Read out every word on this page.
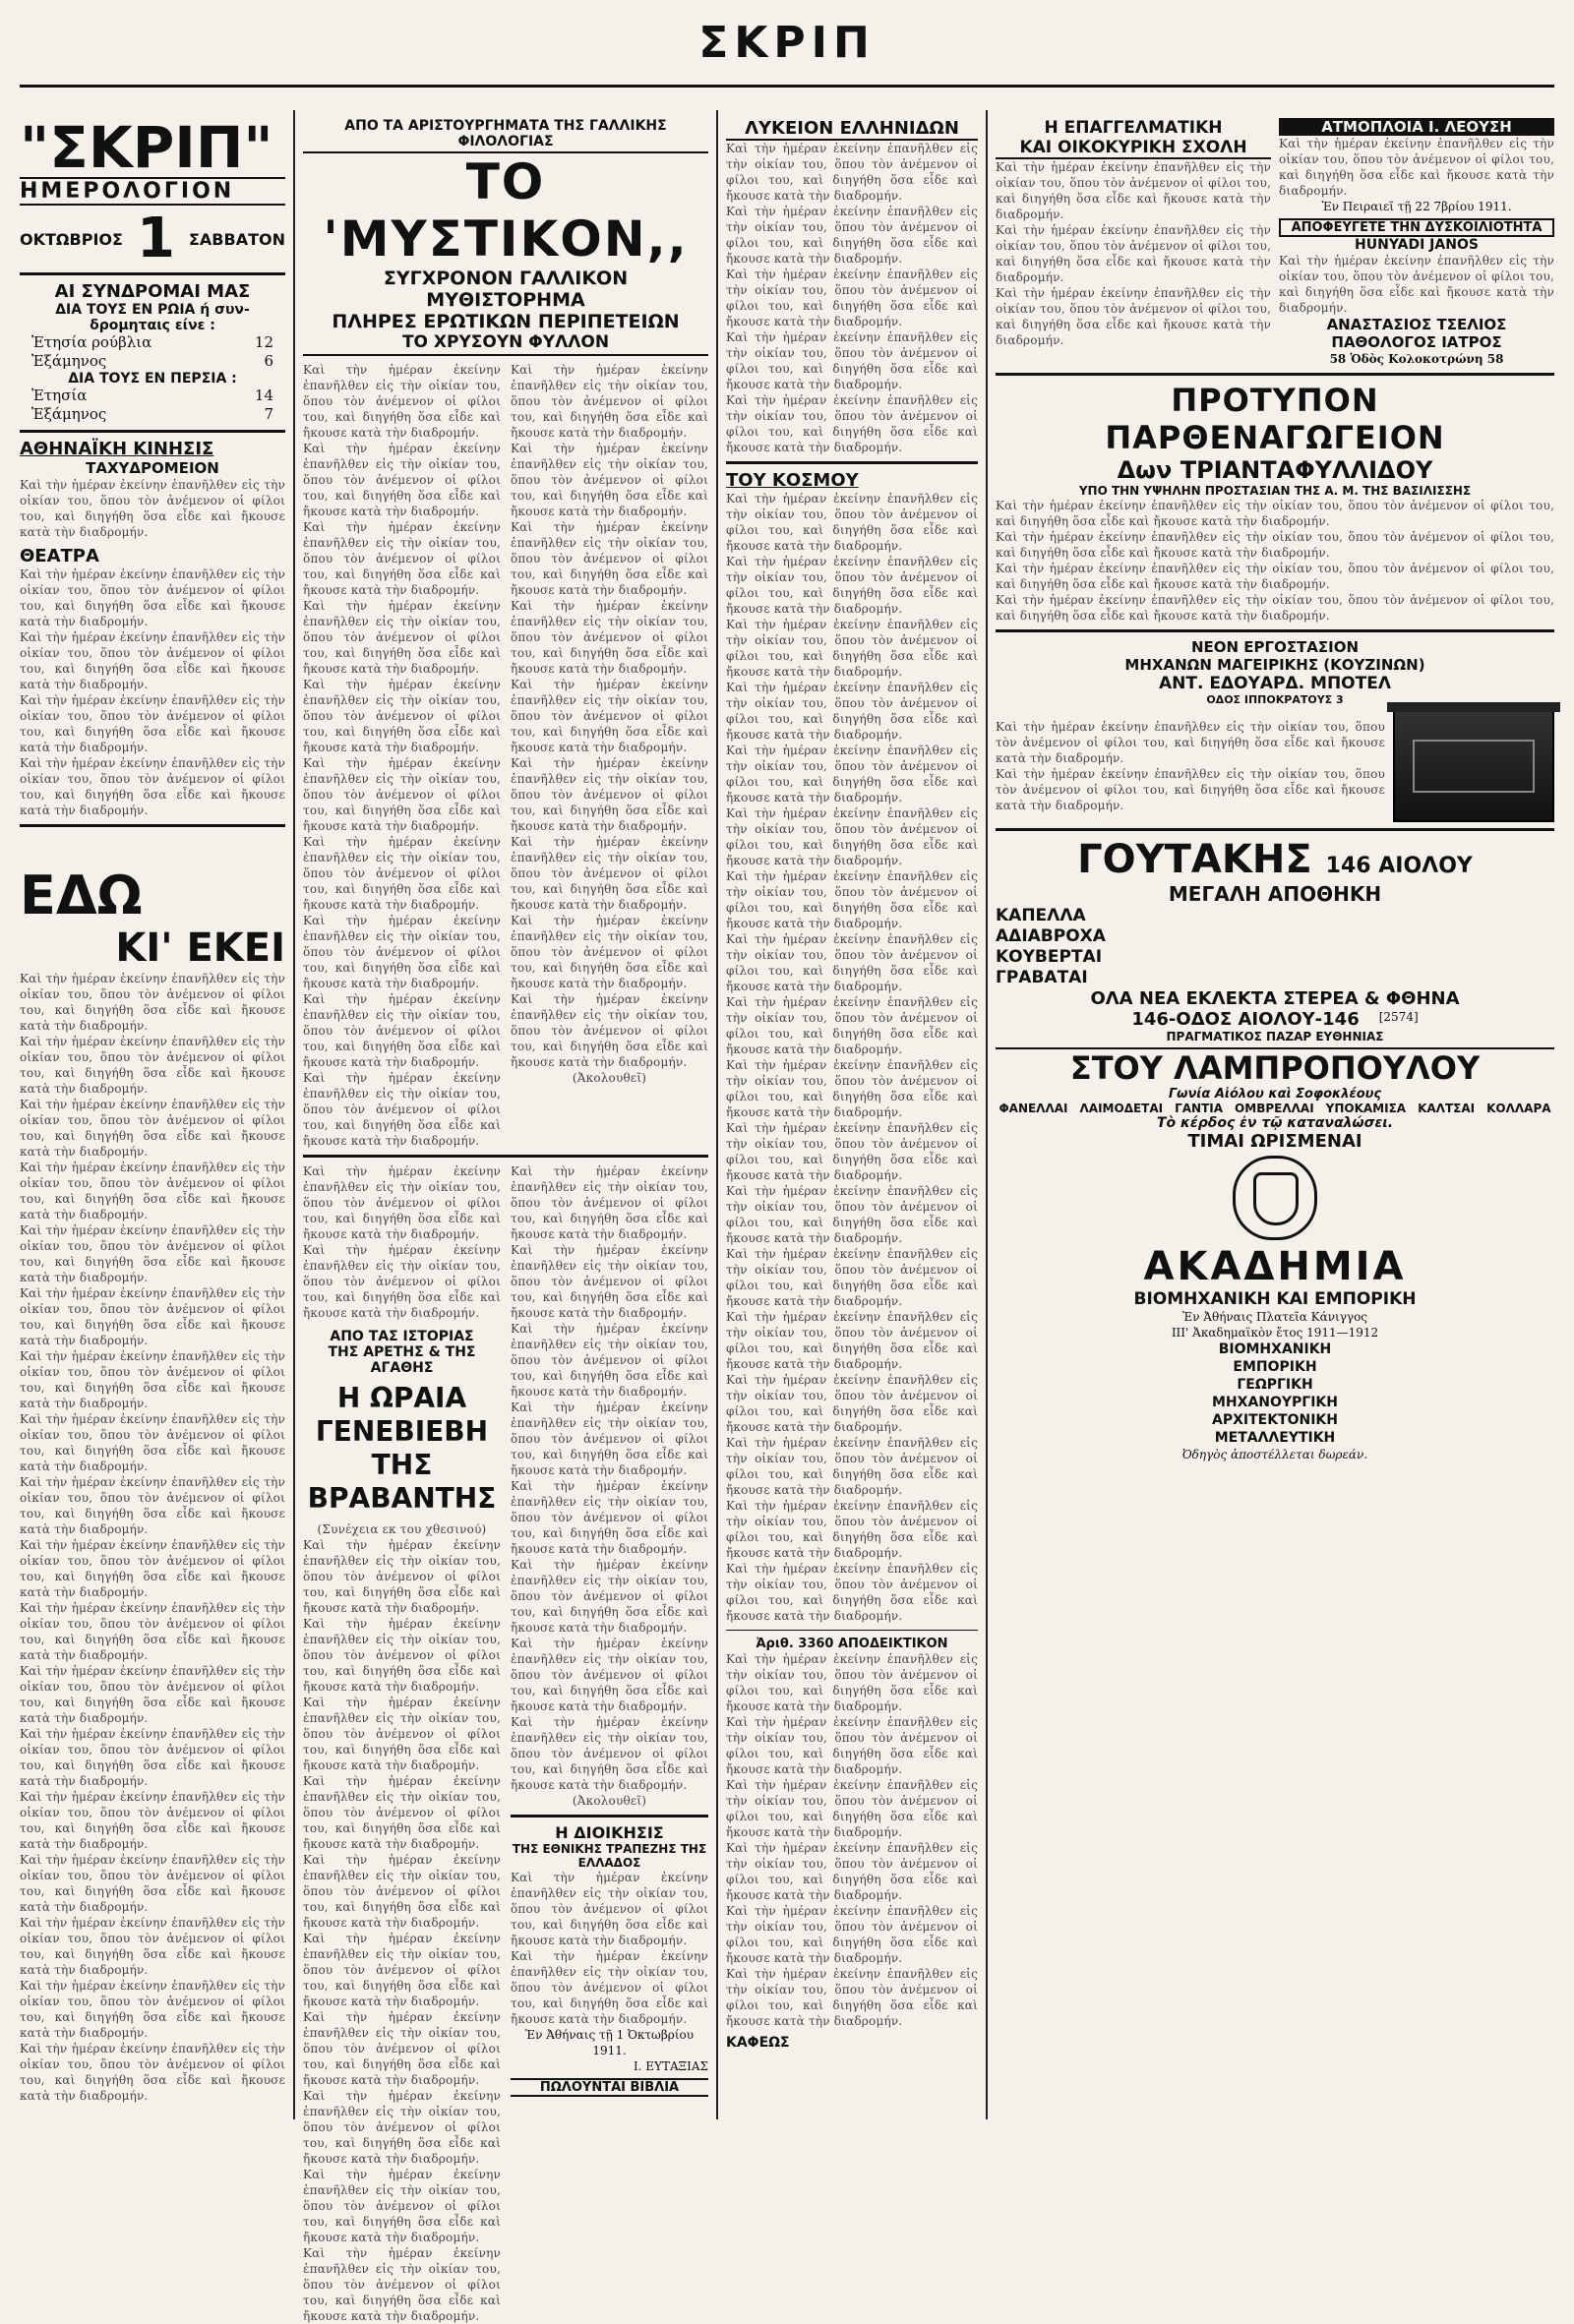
ΣΚΡΙΠ
"ΣΚΡΙΠ"
ΗΜΕΡΟΛΟΓΙΟΝ
ΟΚΤΩΒΡΙΟΣ 1 ΣΑΒΒΑΤΟΝ
ΑΙ ΣΥΝΔΡΟΜΑΙ ΜΑΣ
ΔΙΑ ΤΟΥΣ ΕΝ ΡΩΙΑ ή συν-
δρομηταις είνε :
Ἐτησία ρούβλια	12
Ἑξάμηνος	6
ΔΙΑ ΤΟΥΣ ΕΝ ΠΕΡΣΙΑ :
Ἐτησία	14
Ἑξάμηνος	7
ΑΘΗΝΑΪΚΗ ΚΙΝΗΣΙΣ
ΤΑΧΥΔΡΟΜΕΙΟΝ
Καὶ τὴν ἡμέραν ἐκείνην ἐπανῆλθεν εἰς τὴν οἰκίαν του, ὅπου τὸν ἀνέμενον οἱ φίλοι του, καὶ διηγήθη ὅσα εἶδε καὶ ἤκουσε κατὰ τὴν διαδρομήν.
ΘΕΑΤΡΑ
Καὶ τὴν ἡμέραν ἐκείνην ἐπανῆλθεν εἰς τὴν οἰκίαν του, ὅπου τὸν ἀνέμενον οἱ φίλοι του, καὶ διηγήθη ὅσα εἶδε καὶ ἤκουσε κατὰ τὴν διαδρομήν.
Καὶ τὴν ἡμέραν ἐκείνην ἐπανῆλθεν εἰς τὴν οἰκίαν του, ὅπου τὸν ἀνέμενον οἱ φίλοι του, καὶ διηγήθη ὅσα εἶδε καὶ ἤκουσε κατὰ τὴν διαδρομήν.
Καὶ τὴν ἡμέραν ἐκείνην ἐπανῆλθεν εἰς τὴν οἰκίαν του, ὅπου τὸν ἀνέμενον οἱ φίλοι του, καὶ διηγήθη ὅσα εἶδε καὶ ἤκουσε κατὰ τὴν διαδρομήν.
Καὶ τὴν ἡμέραν ἐκείνην ἐπανῆλθεν εἰς τὴν οἰκίαν του, ὅπου τὸν ἀνέμενον οἱ φίλοι του, καὶ διηγήθη ὅσα εἶδε καὶ ἤκουσε κατὰ τὴν διαδρομήν.
ΕΔΩ
ΚΙ' ΕΚΕΙ
Καὶ τὴν ἡμέραν ἐκείνην ἐπανῆλθεν εἰς τὴν οἰκίαν του, ὅπου τὸν ἀνέμενον οἱ φίλοι του, καὶ διηγήθη ὅσα εἶδε καὶ ἤκουσε κατὰ τὴν διαδρομήν.
Καὶ τὴν ἡμέραν ἐκείνην ἐπανῆλθεν εἰς τὴν οἰκίαν του, ὅπου τὸν ἀνέμενον οἱ φίλοι του, καὶ διηγήθη ὅσα εἶδε καὶ ἤκουσε κατὰ τὴν διαδρομήν.
Καὶ τὴν ἡμέραν ἐκείνην ἐπανῆλθεν εἰς τὴν οἰκίαν του, ὅπου τὸν ἀνέμενον οἱ φίλοι του, καὶ διηγήθη ὅσα εἶδε καὶ ἤκουσε κατὰ τὴν διαδρομήν.
Καὶ τὴν ἡμέραν ἐκείνην ἐπανῆλθεν εἰς τὴν οἰκίαν του, ὅπου τὸν ἀνέμενον οἱ φίλοι του, καὶ διηγήθη ὅσα εἶδε καὶ ἤκουσε κατὰ τὴν διαδρομήν.
Καὶ τὴν ἡμέραν ἐκείνην ἐπανῆλθεν εἰς τὴν οἰκίαν του, ὅπου τὸν ἀνέμενον οἱ φίλοι του, καὶ διηγήθη ὅσα εἶδε καὶ ἤκουσε κατὰ τὴν διαδρομήν.
Καὶ τὴν ἡμέραν ἐκείνην ἐπανῆλθεν εἰς τὴν οἰκίαν του, ὅπου τὸν ἀνέμενον οἱ φίλοι του, καὶ διηγήθη ὅσα εἶδε καὶ ἤκουσε κατὰ τὴν διαδρομήν.
Καὶ τὴν ἡμέραν ἐκείνην ἐπανῆλθεν εἰς τὴν οἰκίαν του, ὅπου τὸν ἀνέμενον οἱ φίλοι του, καὶ διηγήθη ὅσα εἶδε καὶ ἤκουσε κατὰ τὴν διαδρομήν.
Καὶ τὴν ἡμέραν ἐκείνην ἐπανῆλθεν εἰς τὴν οἰκίαν του, ὅπου τὸν ἀνέμενον οἱ φίλοι του, καὶ διηγήθη ὅσα εἶδε καὶ ἤκουσε κατὰ τὴν διαδρομήν.
Καὶ τὴν ἡμέραν ἐκείνην ἐπανῆλθεν εἰς τὴν οἰκίαν του, ὅπου τὸν ἀνέμενον οἱ φίλοι του, καὶ διηγήθη ὅσα εἶδε καὶ ἤκουσε κατὰ τὴν διαδρομήν.
Καὶ τὴν ἡμέραν ἐκείνην ἐπανῆλθεν εἰς τὴν οἰκίαν του, ὅπου τὸν ἀνέμενον οἱ φίλοι του, καὶ διηγήθη ὅσα εἶδε καὶ ἤκουσε κατὰ τὴν διαδρομήν.
Καὶ τὴν ἡμέραν ἐκείνην ἐπανῆλθεν εἰς τὴν οἰκίαν του, ὅπου τὸν ἀνέμενον οἱ φίλοι του, καὶ διηγήθη ὅσα εἶδε καὶ ἤκουσε κατὰ τὴν διαδρομήν.
Καὶ τὴν ἡμέραν ἐκείνην ἐπανῆλθεν εἰς τὴν οἰκίαν του, ὅπου τὸν ἀνέμενον οἱ φίλοι του, καὶ διηγήθη ὅσα εἶδε καὶ ἤκουσε κατὰ τὴν διαδρομήν.
Καὶ τὴν ἡμέραν ἐκείνην ἐπανῆλθεν εἰς τὴν οἰκίαν του, ὅπου τὸν ἀνέμενον οἱ φίλοι του, καὶ διηγήθη ὅσα εἶδε καὶ ἤκουσε κατὰ τὴν διαδρομήν.
Καὶ τὴν ἡμέραν ἐκείνην ἐπανῆλθεν εἰς τὴν οἰκίαν του, ὅπου τὸν ἀνέμενον οἱ φίλοι του, καὶ διηγήθη ὅσα εἶδε καὶ ἤκουσε κατὰ τὴν διαδρομήν.
Καὶ τὴν ἡμέραν ἐκείνην ἐπανῆλθεν εἰς τὴν οἰκίαν του, ὅπου τὸν ἀνέμενον οἱ φίλοι του, καὶ διηγήθη ὅσα εἶδε καὶ ἤκουσε κατὰ τὴν διαδρομήν.
Καὶ τὴν ἡμέραν ἐκείνην ἐπανῆλθεν εἰς τὴν οἰκίαν του, ὅπου τὸν ἀνέμενον οἱ φίλοι του, καὶ διηγήθη ὅσα εἶδε καὶ ἤκουσε κατὰ τὴν διαδρομήν.
Καὶ τὴν ἡμέραν ἐκείνην ἐπανῆλθεν εἰς τὴν οἰκίαν του, ὅπου τὸν ἀνέμενον οἱ φίλοι του, καὶ διηγήθη ὅσα εἶδε καὶ ἤκουσε κατὰ τὴν διαδρομήν.
Καὶ τὴν ἡμέραν ἐκείνην ἐπανῆλθεν εἰς τὴν οἰκίαν του, ὅπου τὸν ἀνέμενον οἱ φίλοι του, καὶ διηγήθη ὅσα εἶδε καὶ ἤκουσε κατὰ τὴν διαδρομήν.
ΑΠΟ ΤΑ ΑΡΙΣΤΟΥΡΓΗΜΑΤΑ ΤΗΣ ΓΑΛΛΙΚΗΣ ΦΙΛΟΛΟΓΙΑΣ
ΤΟ 'ΜΥΣΤΙΚΟΝ,,
ΣΥΓΧΡΟΝΟΝ ΓΑΛΛΙΚΟΝ ΜΥΘΙΣΤΟΡΗΜΑ
ΠΛΗΡΕΣ ΕΡΩΤΙΚΩΝ ΠΕΡΙΠΕΤΕΙΩΝ
ΤΟ ΧΡΥΣΟΥΝ ΦΥΛΛΟΝ
Καὶ τὴν ἡμέραν ἐκείνην ἐπανῆλθεν εἰς τὴν οἰκίαν του, ὅπου τὸν ἀνέμενον οἱ φίλοι του, καὶ διηγήθη ὅσα εἶδε καὶ ἤκουσε κατὰ τὴν διαδρομήν.
Καὶ τὴν ἡμέραν ἐκείνην ἐπανῆλθεν εἰς τὴν οἰκίαν του, ὅπου τὸν ἀνέμενον οἱ φίλοι του, καὶ διηγήθη ὅσα εἶδε καὶ ἤκουσε κατὰ τὴν διαδρομήν.
Καὶ τὴν ἡμέραν ἐκείνην ἐπανῆλθεν εἰς τὴν οἰκίαν του, ὅπου τὸν ἀνέμενον οἱ φίλοι του, καὶ διηγήθη ὅσα εἶδε καὶ ἤκουσε κατὰ τὴν διαδρομήν.
Καὶ τὴν ἡμέραν ἐκείνην ἐπανῆλθεν εἰς τὴν οἰκίαν του, ὅπου τὸν ἀνέμενον οἱ φίλοι του, καὶ διηγήθη ὅσα εἶδε καὶ ἤκουσε κατὰ τὴν διαδρομήν.
Καὶ τὴν ἡμέραν ἐκείνην ἐπανῆλθεν εἰς τὴν οἰκίαν του, ὅπου τὸν ἀνέμενον οἱ φίλοι του, καὶ διηγήθη ὅσα εἶδε καὶ ἤκουσε κατὰ τὴν διαδρομήν.
Καὶ τὴν ἡμέραν ἐκείνην ἐπανῆλθεν εἰς τὴν οἰκίαν του, ὅπου τὸν ἀνέμενον οἱ φίλοι του, καὶ διηγήθη ὅσα εἶδε καὶ ἤκουσε κατὰ τὴν διαδρομήν.
Καὶ τὴν ἡμέραν ἐκείνην ἐπανῆλθεν εἰς τὴν οἰκίαν του, ὅπου τὸν ἀνέμενον οἱ φίλοι του, καὶ διηγήθη ὅσα εἶδε καὶ ἤκουσε κατὰ τὴν διαδρομήν.
Καὶ τὴν ἡμέραν ἐκείνην ἐπανῆλθεν εἰς τὴν οἰκίαν του, ὅπου τὸν ἀνέμενον οἱ φίλοι του, καὶ διηγήθη ὅσα εἶδε καὶ ἤκουσε κατὰ τὴν διαδρομήν.
Καὶ τὴν ἡμέραν ἐκείνην ἐπανῆλθεν εἰς τὴν οἰκίαν του, ὅπου τὸν ἀνέμενον οἱ φίλοι του, καὶ διηγήθη ὅσα εἶδε καὶ ἤκουσε κατὰ τὴν διαδρομήν.
Καὶ τὴν ἡμέραν ἐκείνην ἐπανῆλθεν εἰς τὴν οἰκίαν του, ὅπου τὸν ἀνέμενον οἱ φίλοι του, καὶ διηγήθη ὅσα εἶδε καὶ ἤκουσε κατὰ τὴν διαδρομήν.
Καὶ τὴν ἡμέραν ἐκείνην ἐπανῆλθεν εἰς τὴν οἰκίαν του, ὅπου τὸν ἀνέμενον οἱ φίλοι του, καὶ διηγήθη ὅσα εἶδε καὶ ἤκουσε κατὰ τὴν διαδρομήν.
Καὶ τὴν ἡμέραν ἐκείνην ἐπανῆλθεν εἰς τὴν οἰκίαν του, ὅπου τὸν ἀνέμενον οἱ φίλοι του, καὶ διηγήθη ὅσα εἶδε καὶ ἤκουσε κατὰ τὴν διαδρομήν.
Καὶ τὴν ἡμέραν ἐκείνην ἐπανῆλθεν εἰς τὴν οἰκίαν του, ὅπου τὸν ἀνέμενον οἱ φίλοι του, καὶ διηγήθη ὅσα εἶδε καὶ ἤκουσε κατὰ τὴν διαδρομήν.
Καὶ τὴν ἡμέραν ἐκείνην ἐπανῆλθεν εἰς τὴν οἰκίαν του, ὅπου τὸν ἀνέμενον οἱ φίλοι του, καὶ διηγήθη ὅσα εἶδε καὶ ἤκουσε κατὰ τὴν διαδρομήν.
Καὶ τὴν ἡμέραν ἐκείνην ἐπανῆλθεν εἰς τὴν οἰκίαν του, ὅπου τὸν ἀνέμενον οἱ φίλοι του, καὶ διηγήθη ὅσα εἶδε καὶ ἤκουσε κατὰ τὴν διαδρομήν.
Καὶ τὴν ἡμέραν ἐκείνην ἐπανῆλθεν εἰς τὴν οἰκίαν του, ὅπου τὸν ἀνέμενον οἱ φίλοι του, καὶ διηγήθη ὅσα εἶδε καὶ ἤκουσε κατὰ τὴν διαδρομήν.
Καὶ τὴν ἡμέραν ἐκείνην ἐπανῆλθεν εἰς τὴν οἰκίαν του, ὅπου τὸν ἀνέμενον οἱ φίλοι του, καὶ διηγήθη ὅσα εἶδε καὶ ἤκουσε κατὰ τὴν διαδρομήν.
Καὶ τὴν ἡμέραν ἐκείνην ἐπανῆλθεν εἰς τὴν οἰκίαν του, ὅπου τὸν ἀνέμενον οἱ φίλοι του, καὶ διηγήθη ὅσα εἶδε καὶ ἤκουσε κατὰ τὴν διαδρομήν.
Καὶ τὴν ἡμέραν ἐκείνην ἐπανῆλθεν εἰς τὴν οἰκίαν του, ὅπου τὸν ἀνέμενον οἱ φίλοι του, καὶ διηγήθη ὅσα εἶδε καὶ ἤκουσε κατὰ τὴν διαδρομήν.
(Ἀκολουθεῖ)
Καὶ τὴν ἡμέραν ἐκείνην ἐπανῆλθεν εἰς τὴν οἰκίαν του, ὅπου τὸν ἀνέμενον οἱ φίλοι του, καὶ διηγήθη ὅσα εἶδε καὶ ἤκουσε κατὰ τὴν διαδρομήν.
Καὶ τὴν ἡμέραν ἐκείνην ἐπανῆλθεν εἰς τὴν οἰκίαν του, ὅπου τὸν ἀνέμενον οἱ φίλοι του, καὶ διηγήθη ὅσα εἶδε καὶ ἤκουσε κατὰ τὴν διαδρομήν.
ΑΠΟ ΤΑΣ ΙΣΤΟΡΙΑΣ
ΤΗΣ ΑΡΕΤΗΣ & ΤΗΣ ΑΓΑΘΗΣ
Η ΩΡΑΙΑ ΓΕΝΕΒΙΕΒΗ ΤΗΣ ΒΡΑΒΑΝΤΗΣ
(Συνέχεια εκ του χθεσινού)
Καὶ τὴν ἡμέραν ἐκείνην ἐπανῆλθεν εἰς τὴν οἰκίαν του, ὅπου τὸν ἀνέμενον οἱ φίλοι του, καὶ διηγήθη ὅσα εἶδε καὶ ἤκουσε κατὰ τὴν διαδρομήν.
Καὶ τὴν ἡμέραν ἐκείνην ἐπανῆλθεν εἰς τὴν οἰκίαν του, ὅπου τὸν ἀνέμενον οἱ φίλοι του, καὶ διηγήθη ὅσα εἶδε καὶ ἤκουσε κατὰ τὴν διαδρομήν.
Καὶ τὴν ἡμέραν ἐκείνην ἐπανῆλθεν εἰς τὴν οἰκίαν του, ὅπου τὸν ἀνέμενον οἱ φίλοι του, καὶ διηγήθη ὅσα εἶδε καὶ ἤκουσε κατὰ τὴν διαδρομήν.
Καὶ τὴν ἡμέραν ἐκείνην ἐπανῆλθεν εἰς τὴν οἰκίαν του, ὅπου τὸν ἀνέμενον οἱ φίλοι του, καὶ διηγήθη ὅσα εἶδε καὶ ἤκουσε κατὰ τὴν διαδρομήν.
Καὶ τὴν ἡμέραν ἐκείνην ἐπανῆλθεν εἰς τὴν οἰκίαν του, ὅπου τὸν ἀνέμενον οἱ φίλοι του, καὶ διηγήθη ὅσα εἶδε καὶ ἤκουσε κατὰ τὴν διαδρομήν.
Καὶ τὴν ἡμέραν ἐκείνην ἐπανῆλθεν εἰς τὴν οἰκίαν του, ὅπου τὸν ἀνέμενον οἱ φίλοι του, καὶ διηγήθη ὅσα εἶδε καὶ ἤκουσε κατὰ τὴν διαδρομήν.
Καὶ τὴν ἡμέραν ἐκείνην ἐπανῆλθεν εἰς τὴν οἰκίαν του, ὅπου τὸν ἀνέμενον οἱ φίλοι του, καὶ διηγήθη ὅσα εἶδε καὶ ἤκουσε κατὰ τὴν διαδρομήν.
Καὶ τὴν ἡμέραν ἐκείνην ἐπανῆλθεν εἰς τὴν οἰκίαν του, ὅπου τὸν ἀνέμενον οἱ φίλοι του, καὶ διηγήθη ὅσα εἶδε καὶ ἤκουσε κατὰ τὴν διαδρομήν.
Καὶ τὴν ἡμέραν ἐκείνην ἐπανῆλθεν εἰς τὴν οἰκίαν του, ὅπου τὸν ἀνέμενον οἱ φίλοι του, καὶ διηγήθη ὅσα εἶδε καὶ ἤκουσε κατὰ τὴν διαδρομήν.
Καὶ τὴν ἡμέραν ἐκείνην ἐπανῆλθεν εἰς τὴν οἰκίαν του, ὅπου τὸν ἀνέμενον οἱ φίλοι του, καὶ διηγήθη ὅσα εἶδε καὶ ἤκουσε κατὰ τὴν διαδρομήν.
Καὶ τὴν ἡμέραν ἐκείνην ἐπανῆλθεν εἰς τὴν οἰκίαν του, ὅπου τὸν ἀνέμενον οἱ φίλοι του, καὶ διηγήθη ὅσα εἶδε καὶ ἤκουσε κατὰ τὴν διαδρομήν.
Καὶ τὴν ἡμέραν ἐκείνην ἐπανῆλθεν εἰς τὴν οἰκίαν του, ὅπου τὸν ἀνέμενον οἱ φίλοι του, καὶ διηγήθη ὅσα εἶδε καὶ ἤκουσε κατὰ τὴν διαδρομήν.
Καὶ τὴν ἡμέραν ἐκείνην ἐπανῆλθεν εἰς τὴν οἰκίαν του, ὅπου τὸν ἀνέμενον οἱ φίλοι του, καὶ διηγήθη ὅσα εἶδε καὶ ἤκουσε κατὰ τὴν διαδρομήν.
Καὶ τὴν ἡμέραν ἐκείνην ἐπανῆλθεν εἰς τὴν οἰκίαν του, ὅπου τὸν ἀνέμενον οἱ φίλοι του, καὶ διηγήθη ὅσα εἶδε καὶ ἤκουσε κατὰ τὴν διαδρομήν.
Καὶ τὴν ἡμέραν ἐκείνην ἐπανῆλθεν εἰς τὴν οἰκίαν του, ὅπου τὸν ἀνέμενον οἱ φίλοι του, καὶ διηγήθη ὅσα εἶδε καὶ ἤκουσε κατὰ τὴν διαδρομήν.
Καὶ τὴν ἡμέραν ἐκείνην ἐπανῆλθεν εἰς τὴν οἰκίαν του, ὅπου τὸν ἀνέμενον οἱ φίλοι του, καὶ διηγήθη ὅσα εἶδε καὶ ἤκουσε κατὰ τὴν διαδρομήν.
Καὶ τὴν ἡμέραν ἐκείνην ἐπανῆλθεν εἰς τὴν οἰκίαν του, ὅπου τὸν ἀνέμενον οἱ φίλοι του, καὶ διηγήθη ὅσα εἶδε καὶ ἤκουσε κατὰ τὴν διαδρομήν.
Καὶ τὴν ἡμέραν ἐκείνην ἐπανῆλθεν εἰς τὴν οἰκίαν του, ὅπου τὸν ἀνέμενον οἱ φίλοι του, καὶ διηγήθη ὅσα εἶδε καὶ ἤκουσε κατὰ τὴν διαδρομήν.
(Ἀκολουθεῖ)
Η ΔΙΟΙΚΗΣΙΣ
ΤΗΣ ΕΘΝΙΚΗΣ ΤΡΑΠΕΖΗΣ ΤΗΣ ΕΛΛΑΔΟΣ
Καὶ τὴν ἡμέραν ἐκείνην ἐπανῆλθεν εἰς τὴν οἰκίαν του, ὅπου τὸν ἀνέμενον οἱ φίλοι του, καὶ διηγήθη ὅσα εἶδε καὶ ἤκουσε κατὰ τὴν διαδρομήν.
Καὶ τὴν ἡμέραν ἐκείνην ἐπανῆλθεν εἰς τὴν οἰκίαν του, ὅπου τὸν ἀνέμενον οἱ φίλοι του, καὶ διηγήθη ὅσα εἶδε καὶ ἤκουσε κατὰ τὴν διαδρομήν.
Ἐν Ἀθήναις τῇ 1 Ὀκτωβρίου 1911.
Ι. ΕΥΤΑΞΙΑΣ
ΠΩΛΟΥΝΤΑΙ ΒΙΒΛΙΑ
ΛΥΚΕΙΟΝ ΕΛΛΗΝΙΔΩΝ
Καὶ τὴν ἡμέραν ἐκείνην ἐπανῆλθεν εἰς τὴν οἰκίαν του, ὅπου τὸν ἀνέμενον οἱ φίλοι του, καὶ διηγήθη ὅσα εἶδε καὶ ἤκουσε κατὰ τὴν διαδρομήν.
Καὶ τὴν ἡμέραν ἐκείνην ἐπανῆλθεν εἰς τὴν οἰκίαν του, ὅπου τὸν ἀνέμενον οἱ φίλοι του, καὶ διηγήθη ὅσα εἶδε καὶ ἤκουσε κατὰ τὴν διαδρομήν.
Καὶ τὴν ἡμέραν ἐκείνην ἐπανῆλθεν εἰς τὴν οἰκίαν του, ὅπου τὸν ἀνέμενον οἱ φίλοι του, καὶ διηγήθη ὅσα εἶδε καὶ ἤκουσε κατὰ τὴν διαδρομήν.
Καὶ τὴν ἡμέραν ἐκείνην ἐπανῆλθεν εἰς τὴν οἰκίαν του, ὅπου τὸν ἀνέμενον οἱ φίλοι του, καὶ διηγήθη ὅσα εἶδε καὶ ἤκουσε κατὰ τὴν διαδρομήν.
Καὶ τὴν ἡμέραν ἐκείνην ἐπανῆλθεν εἰς τὴν οἰκίαν του, ὅπου τὸν ἀνέμενον οἱ φίλοι του, καὶ διηγήθη ὅσα εἶδε καὶ ἤκουσε κατὰ τὴν διαδρομήν.
ΤΟΥ ΚΟΣΜΟΥ
Καὶ τὴν ἡμέραν ἐκείνην ἐπανῆλθεν εἰς τὴν οἰκίαν του, ὅπου τὸν ἀνέμενον οἱ φίλοι του, καὶ διηγήθη ὅσα εἶδε καὶ ἤκουσε κατὰ τὴν διαδρομήν.
Καὶ τὴν ἡμέραν ἐκείνην ἐπανῆλθεν εἰς τὴν οἰκίαν του, ὅπου τὸν ἀνέμενον οἱ φίλοι του, καὶ διηγήθη ὅσα εἶδε καὶ ἤκουσε κατὰ τὴν διαδρομήν.
Καὶ τὴν ἡμέραν ἐκείνην ἐπανῆλθεν εἰς τὴν οἰκίαν του, ὅπου τὸν ἀνέμενον οἱ φίλοι του, καὶ διηγήθη ὅσα εἶδε καὶ ἤκουσε κατὰ τὴν διαδρομήν.
Καὶ τὴν ἡμέραν ἐκείνην ἐπανῆλθεν εἰς τὴν οἰκίαν του, ὅπου τὸν ἀνέμενον οἱ φίλοι του, καὶ διηγήθη ὅσα εἶδε καὶ ἤκουσε κατὰ τὴν διαδρομήν.
Καὶ τὴν ἡμέραν ἐκείνην ἐπανῆλθεν εἰς τὴν οἰκίαν του, ὅπου τὸν ἀνέμενον οἱ φίλοι του, καὶ διηγήθη ὅσα εἶδε καὶ ἤκουσε κατὰ τὴν διαδρομήν.
Καὶ τὴν ἡμέραν ἐκείνην ἐπανῆλθεν εἰς τὴν οἰκίαν του, ὅπου τὸν ἀνέμενον οἱ φίλοι του, καὶ διηγήθη ὅσα εἶδε καὶ ἤκουσε κατὰ τὴν διαδρομήν.
Καὶ τὴν ἡμέραν ἐκείνην ἐπανῆλθεν εἰς τὴν οἰκίαν του, ὅπου τὸν ἀνέμενον οἱ φίλοι του, καὶ διηγήθη ὅσα εἶδε καὶ ἤκουσε κατὰ τὴν διαδρομήν.
Καὶ τὴν ἡμέραν ἐκείνην ἐπανῆλθεν εἰς τὴν οἰκίαν του, ὅπου τὸν ἀνέμενον οἱ φίλοι του, καὶ διηγήθη ὅσα εἶδε καὶ ἤκουσε κατὰ τὴν διαδρομήν.
Καὶ τὴν ἡμέραν ἐκείνην ἐπανῆλθεν εἰς τὴν οἰκίαν του, ὅπου τὸν ἀνέμενον οἱ φίλοι του, καὶ διηγήθη ὅσα εἶδε καὶ ἤκουσε κατὰ τὴν διαδρομήν.
Καὶ τὴν ἡμέραν ἐκείνην ἐπανῆλθεν εἰς τὴν οἰκίαν του, ὅπου τὸν ἀνέμενον οἱ φίλοι του, καὶ διηγήθη ὅσα εἶδε καὶ ἤκουσε κατὰ τὴν διαδρομήν.
Καὶ τὴν ἡμέραν ἐκείνην ἐπανῆλθεν εἰς τὴν οἰκίαν του, ὅπου τὸν ἀνέμενον οἱ φίλοι του, καὶ διηγήθη ὅσα εἶδε καὶ ἤκουσε κατὰ τὴν διαδρομήν.
Καὶ τὴν ἡμέραν ἐκείνην ἐπανῆλθεν εἰς τὴν οἰκίαν του, ὅπου τὸν ἀνέμενον οἱ φίλοι του, καὶ διηγήθη ὅσα εἶδε καὶ ἤκουσε κατὰ τὴν διαδρομήν.
Καὶ τὴν ἡμέραν ἐκείνην ἐπανῆλθεν εἰς τὴν οἰκίαν του, ὅπου τὸν ἀνέμενον οἱ φίλοι του, καὶ διηγήθη ὅσα εἶδε καὶ ἤκουσε κατὰ τὴν διαδρομήν.
Καὶ τὴν ἡμέραν ἐκείνην ἐπανῆλθεν εἰς τὴν οἰκίαν του, ὅπου τὸν ἀνέμενον οἱ φίλοι του, καὶ διηγήθη ὅσα εἶδε καὶ ἤκουσε κατὰ τὴν διαδρομήν.
Καὶ τὴν ἡμέραν ἐκείνην ἐπανῆλθεν εἰς τὴν οἰκίαν του, ὅπου τὸν ἀνέμενον οἱ φίλοι του, καὶ διηγήθη ὅσα εἶδε καὶ ἤκουσε κατὰ τὴν διαδρομήν.
Καὶ τὴν ἡμέραν ἐκείνην ἐπανῆλθεν εἰς τὴν οἰκίαν του, ὅπου τὸν ἀνέμενον οἱ φίλοι του, καὶ διηγήθη ὅσα εἶδε καὶ ἤκουσε κατὰ τὴν διαδρομήν.
Καὶ τὴν ἡμέραν ἐκείνην ἐπανῆλθεν εἰς τὴν οἰκίαν του, ὅπου τὸν ἀνέμενον οἱ φίλοι του, καὶ διηγήθη ὅσα εἶδε καὶ ἤκουσε κατὰ τὴν διαδρομήν.
Καὶ τὴν ἡμέραν ἐκείνην ἐπανῆλθεν εἰς τὴν οἰκίαν του, ὅπου τὸν ἀνέμενον οἱ φίλοι του, καὶ διηγήθη ὅσα εἶδε καὶ ἤκουσε κατὰ τὴν διαδρομήν.
Ἀριθ. 3360 ΑΠΟΔΕΙΚΤΙΚΟΝ
Καὶ τὴν ἡμέραν ἐκείνην ἐπανῆλθεν εἰς τὴν οἰκίαν του, ὅπου τὸν ἀνέμενον οἱ φίλοι του, καὶ διηγήθη ὅσα εἶδε καὶ ἤκουσε κατὰ τὴν διαδρομήν.
Καὶ τὴν ἡμέραν ἐκείνην ἐπανῆλθεν εἰς τὴν οἰκίαν του, ὅπου τὸν ἀνέμενον οἱ φίλοι του, καὶ διηγήθη ὅσα εἶδε καὶ ἤκουσε κατὰ τὴν διαδρομήν.
Καὶ τὴν ἡμέραν ἐκείνην ἐπανῆλθεν εἰς τὴν οἰκίαν του, ὅπου τὸν ἀνέμενον οἱ φίλοι του, καὶ διηγήθη ὅσα εἶδε καὶ ἤκουσε κατὰ τὴν διαδρομήν.
Καὶ τὴν ἡμέραν ἐκείνην ἐπανῆλθεν εἰς τὴν οἰκίαν του, ὅπου τὸν ἀνέμενον οἱ φίλοι του, καὶ διηγήθη ὅσα εἶδε καὶ ἤκουσε κατὰ τὴν διαδρομήν.
Καὶ τὴν ἡμέραν ἐκείνην ἐπανῆλθεν εἰς τὴν οἰκίαν του, ὅπου τὸν ἀνέμενον οἱ φίλοι του, καὶ διηγήθη ὅσα εἶδε καὶ ἤκουσε κατὰ τὴν διαδρομήν.
Καὶ τὴν ἡμέραν ἐκείνην ἐπανῆλθεν εἰς τὴν οἰκίαν του, ὅπου τὸν ἀνέμενον οἱ φίλοι του, καὶ διηγήθη ὅσα εἶδε καὶ ἤκουσε κατὰ τὴν διαδρομήν.
ΚΑΦΕΩΣ
Η ΕΠΑΓΓΕΛΜΑΤΙΚΗ
ΚΑΙ ΟΙΚΟΚΥΡΙΚΗ ΣΧΟΛΗ
Καὶ τὴν ἡμέραν ἐκείνην ἐπανῆλθεν εἰς τὴν οἰκίαν του, ὅπου τὸν ἀνέμενον οἱ φίλοι του, καὶ διηγήθη ὅσα εἶδε καὶ ἤκουσε κατὰ τὴν διαδρομήν.
Καὶ τὴν ἡμέραν ἐκείνην ἐπανῆλθεν εἰς τὴν οἰκίαν του, ὅπου τὸν ἀνέμενον οἱ φίλοι του, καὶ διηγήθη ὅσα εἶδε καὶ ἤκουσε κατὰ τὴν διαδρομήν.
Καὶ τὴν ἡμέραν ἐκείνην ἐπανῆλθεν εἰς τὴν οἰκίαν του, ὅπου τὸν ἀνέμενον οἱ φίλοι του, καὶ διηγήθη ὅσα εἶδε καὶ ἤκουσε κατὰ τὴν διαδρομήν.
ΑΤΜΟΠΛΟΙΑ Ι. ΛΕΟΥΣΗ
Καὶ τὴν ἡμέραν ἐκείνην ἐπανῆλθεν εἰς τὴν οἰκίαν του, ὅπου τὸν ἀνέμενον οἱ φίλοι του, καὶ διηγήθη ὅσα εἶδε καὶ ἤκουσε κατὰ τὴν διαδρομήν.
Ἐν Πειραιεῖ τῇ 22 7βρίου 1911.
ΑΠΟΦΕΥΓΕΤΕ ΤΗΝ ΔΥΣΚΟΙΛΙΟΤΗΤΑ
HUNYADI JANOS
Καὶ τὴν ἡμέραν ἐκείνην ἐπανῆλθεν εἰς τὴν οἰκίαν του, ὅπου τὸν ἀνέμενον οἱ φίλοι του, καὶ διηγήθη ὅσα εἶδε καὶ ἤκουσε κατὰ τὴν διαδρομήν.
ΑΝΑΣΤΑΣΙΟΣ ΤΣΕΛΙΟΣ
ΠΑΘΟΛΟΓΟΣ ΙΑΤΡΟΣ
58 Ὁδὸς Κολοκοτρώνη 58
ΠΡΟΤΥΠΟΝ ΠΑΡΘΕΝΑΓΩΓΕΙΟΝ
Δων ΤΡΙΑΝΤΑΦΥΛΛΙΔΟΥ
ΥΠΟ ΤΗΝ ΥΨΗΛΗΝ ΠΡΟΣΤΑΣΙΑΝ ΤΗΣ Α. Μ. ΤΗΣ ΒΑΣΙΛΙΣΣΗΣ
Καὶ τὴν ἡμέραν ἐκείνην ἐπανῆλθεν εἰς τὴν οἰκίαν του, ὅπου τὸν ἀνέμενον οἱ φίλοι του, καὶ διηγήθη ὅσα εἶδε καὶ ἤκουσε κατὰ τὴν διαδρομήν.
Καὶ τὴν ἡμέραν ἐκείνην ἐπανῆλθεν εἰς τὴν οἰκίαν του, ὅπου τὸν ἀνέμενον οἱ φίλοι του, καὶ διηγήθη ὅσα εἶδε καὶ ἤκουσε κατὰ τὴν διαδρομήν.
Καὶ τὴν ἡμέραν ἐκείνην ἐπανῆλθεν εἰς τὴν οἰκίαν του, ὅπου τὸν ἀνέμενον οἱ φίλοι του, καὶ διηγήθη ὅσα εἶδε καὶ ἤκουσε κατὰ τὴν διαδρομήν.
Καὶ τὴν ἡμέραν ἐκείνην ἐπανῆλθεν εἰς τὴν οἰκίαν του, ὅπου τὸν ἀνέμενον οἱ φίλοι του, καὶ διηγήθη ὅσα εἶδε καὶ ἤκουσε κατὰ τὴν διαδρομήν.
ΝΕΟΝ ΕΡΓΟΣΤΑΣΙΟΝ
ΜΗΧΑΝΩΝ ΜΑΓΕΙΡΙΚΗΣ (ΚΟΥΖΙΝΩΝ)
ΑΝΤ. ΕΔΟΥΑΡΔ. ΜΠΟΤΕΛ
ΟΔΟΣ ΙΠΠΟΚΡΑΤΟΥΣ 3
Καὶ τὴν ἡμέραν ἐκείνην ἐπανῆλθεν εἰς τὴν οἰκίαν του, ὅπου τὸν ἀνέμενον οἱ φίλοι του, καὶ διηγήθη ὅσα εἶδε καὶ ἤκουσε κατὰ τὴν διαδρομήν.
Καὶ τὴν ἡμέραν ἐκείνην ἐπανῆλθεν εἰς τὴν οἰκίαν του, ὅπου τὸν ἀνέμενον οἱ φίλοι του, καὶ διηγήθη ὅσα εἶδε καὶ ἤκουσε κατὰ τὴν διαδρομήν.
ΓΟΥΤΑΚΗΣ 146 ΑΙΟΛΟΥ
ΜΕΓΑΛΗ ΑΠΟΘΗΚΗ
ΚΑΠΕΛΛΑ
ΑΔΙΑΒΡΟΧΑ
ΚΟΥΒΕΡΤΑΙ
ΓΡΑΒΑΤΑΙ
ΟΛΑ ΝΕΑ ΕΚΛΕΚΤΑ ΣΤΕΡΕΑ & ΦΘΗΝΑ
146-ΟΔΟΣ ΑΙΟΛΟΥ-146 [2574]
ΠΡΑΓΜΑΤΙΚΟΣ ΠΑΖΑΡ ΕΥΘΗΝΙΑΣ
ΣΤΟΥ ΛΑΜΠΡΟΠΟΥΛΟΥ
Γωνία Αἰόλου καὶ Σοφοκλέους
ΦΑΝΕΛΛΑΙ ΛΑΙΜΟΔΕΤΑΙ ΓΑΝΤΙΑ ΟΜΒΡΕΛΛΑΙ ΥΠΟΚΑΜΙΣΑ ΚΑΛΤΣΑΙ ΚΟΛΛΑΡΑ
Τὸ κέρδος ἐν τῷ καταναλώσει.
ΤΙΜΑΙ ΩΡΙΣΜΕΝΑΙ
ΑΚΑΔΗΜΙΑ
ΒΙΟΜΗΧΑΝΙΚΗ ΚΑΙ ΕΜΠΟΡΙΚΗ
Ἐν Ἀθήναις Πλατεῖα Κάνιγγος
ΙΙΙ' Ἀκαδημαϊκὸν ἔτος 1911—1912
ΒΙΟΜΗΧΑΝΙΚΗ
ΕΜΠΟΡΙΚΗ
ΓΕΩΡΓΙΚΗ
ΜΗΧΑΝΟΥΡΓΙΚΗ
ΑΡΧΙΤΕΚΤΟΝΙΚΗ
ΜΕΤΑΛΛΕΥΤΙΚΗ
Ὀδηγὸς ἀποστέλλεται δωρεάν.
